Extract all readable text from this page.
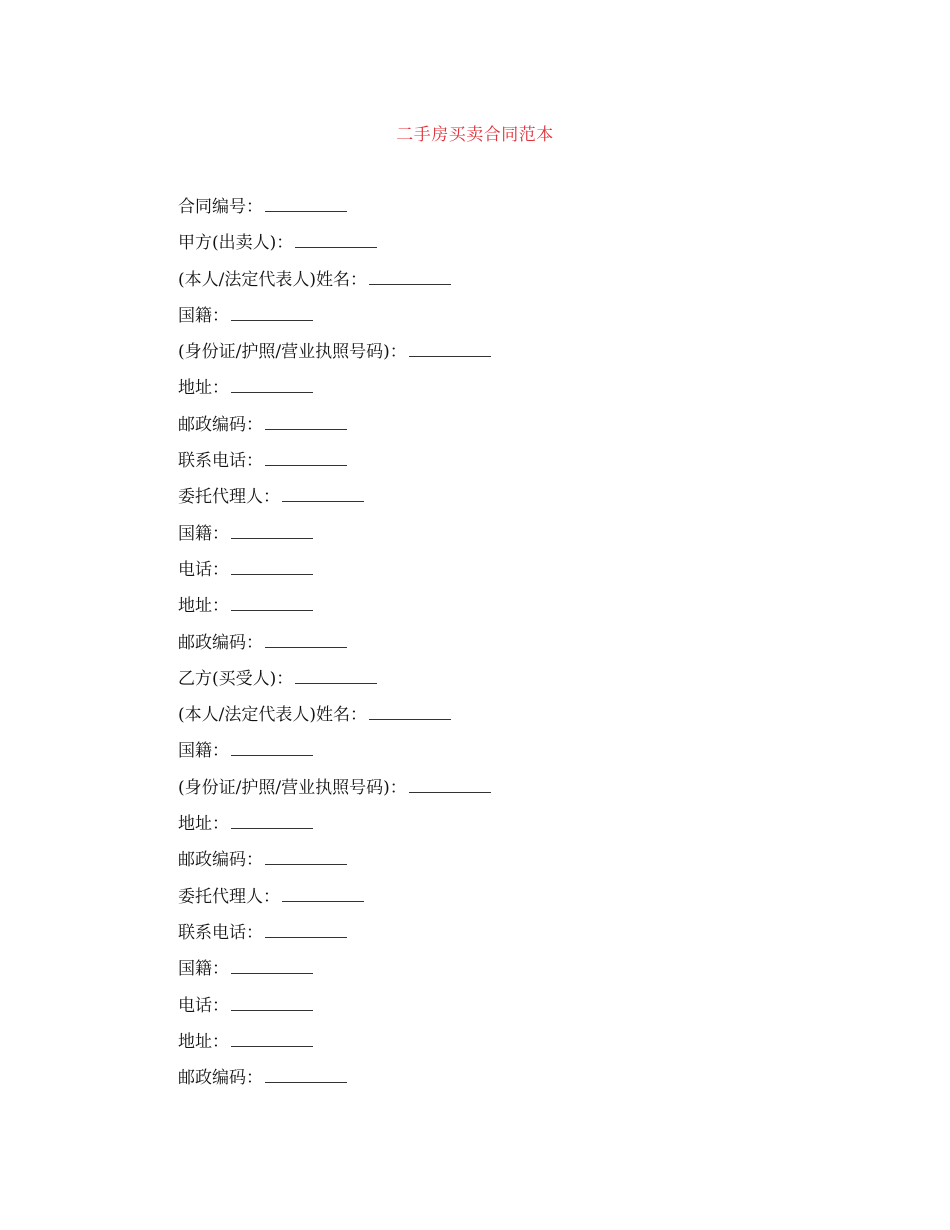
二手房买卖合同范本
合同编号：
甲方(出卖人)：
(本人/法定代表人)姓名：
国籍：
(身份证/护照/营业执照号码)：
地址：
邮政编码：
联系电话：
委托代理人：
国籍：
电话：
地址：
邮政编码：
乙方(买受人)：
(本人/法定代表人)姓名：
国籍：
(身份证/护照/营业执照号码)：
地址：
邮政编码：
委托代理人：
联系电话：
国籍：
电话：
地址：
邮政编码：
